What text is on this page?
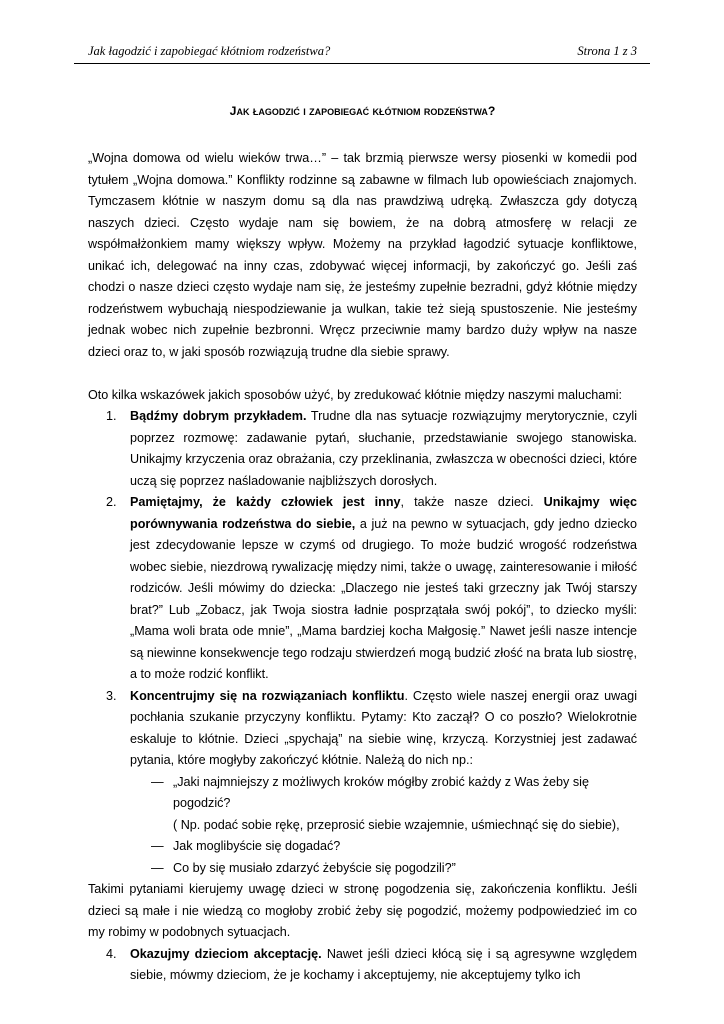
Jak łagodzić i zapobiegać kłótniom rodzeństwa?	Strona 1 z 3
Jak łagodzić i zapobiegać kłótniom rodzeństwa?

„Wojna domowa od wielu wieków trwa…” – tak brzmią pierwsze wersy piosenki w komedii pod tytułem „Wojna domowa.” Konflikty rodzinne są zabawne w filmach lub opowieściach znajomych. Tymczasem kłótnie w naszym domu są dla nas prawdziwą udręką. Zwłaszcza gdy dotyczą naszych dzieci. Często wydaje nam się bowiem, że na dobrą atmosferę w relacji ze współmałżonkiem mamy większy wpływ. Możemy na przykład łagodzić sytuacje konfliktowe, unikać ich, delegować na inny czas, zdobywać więcej informacji, by zakończyć go. Jeśli zaś chodzi o nasze dzieci często wydaje nam się, że jesteśmy zupełnie bezradni, gdyż kłótnie między rodzeństwem wybuchają niespodziewanie ja wulkan, takie też sieją spustoszenie. Nie jesteśmy jednak wobec nich zupełnie bezbronni. Wręcz przeciwnie mamy bardzo duży wpływ na nasze dzieci oraz to, w jaki sposób rozwiązują trudne dla siebie sprawy.

Oto kilka wskazówek jakich sposobów użyć, by zredukować kłótnie między naszymi maluchami:

1. Bądźmy dobrym przykładem. Trudne dla nas sytuacje rozwiązujmy merytorycznie, czyli poprzez rozmowę: zadawanie pytań, słuchanie, przedstawianie swojego stanowiska. Unikajmy krzyczenia oraz obrażania, czy przeklinania, zwłaszcza w obecności dzieci, które uczą się poprzez naśladowanie najbliższych dorosłych.
2. Pamiętajmy, że każdy człowiek jest inny, także nasze dzieci. Unikajmy więc porównywania rodzeństwa do siebie, a już na pewno w sytuacjach, gdy jedno dziecko jest zdecydowanie lepsze w czymś od drugiego. To może budzić wrogość rodzeństwa wobec siebie, niezdrową rywalizację między nimi, także o uwagę, zainteresowanie i miłość rodziców. Jeśli mówimy do dziecka: „Dlaczego nie jesteś taki grzeczny jak Twój starszy brat?” Lub „Zobacz, jak Twoja siostra ładnie posprzątała swój pokój”, to dziecko myśli: „Mama woli brata ode mnie”, „Mama bardziej kocha Małgosię.” Nawet jeśli nasze intencje są niewinne konsekwencje tego rodzaju stwierdzeń mogą budzić złość na brata lub siostrę, a to może rodzić konflikt.
3. Koncentrujmy się na rozwiązaniach konfliktu. Często wiele naszej energii oraz uwagi pochłania szukanie przyczyny konfliktu. Pytamy: Kto zaczął? O co poszło? Wielokrotnie eskaluje to kłótnie. Dzieci „spychają” na siebie winę, krzyczą. Korzystniej jest zadawać pytania, które mogłyby zakończyć kłótnie. Należą do nich np.:
— „Jaki najmniejszy z możliwych kroków mógłby zrobić każdy z Was żeby się pogodzić?
( Np. podać sobie rękę, przeprosić siebie wzajemnie, uśmiechnąć się do siebie),
— Jak moglibyście się dogadać?
— Co by się musiało zdarzyć żebyście się pogodzili?”

Takimi pytaniami kierujemy uwagę dzieci w stronę pogodzenia się, zakończenia konfliktu. Jeśli dzieci są małe i nie wiedzą co mogłoby zrobić żeby się pogodzić, możemy podpowiedzieć im co my robimy w podobnych sytuacjach.

4. Okazujmy dzieciom akceptację. Nawet jeśli dzieci kłócą się i są agresywne względem siebie, mówmy dzieciom, że je kochamy i akceptujemy, nie akceptujemy tylko ich
